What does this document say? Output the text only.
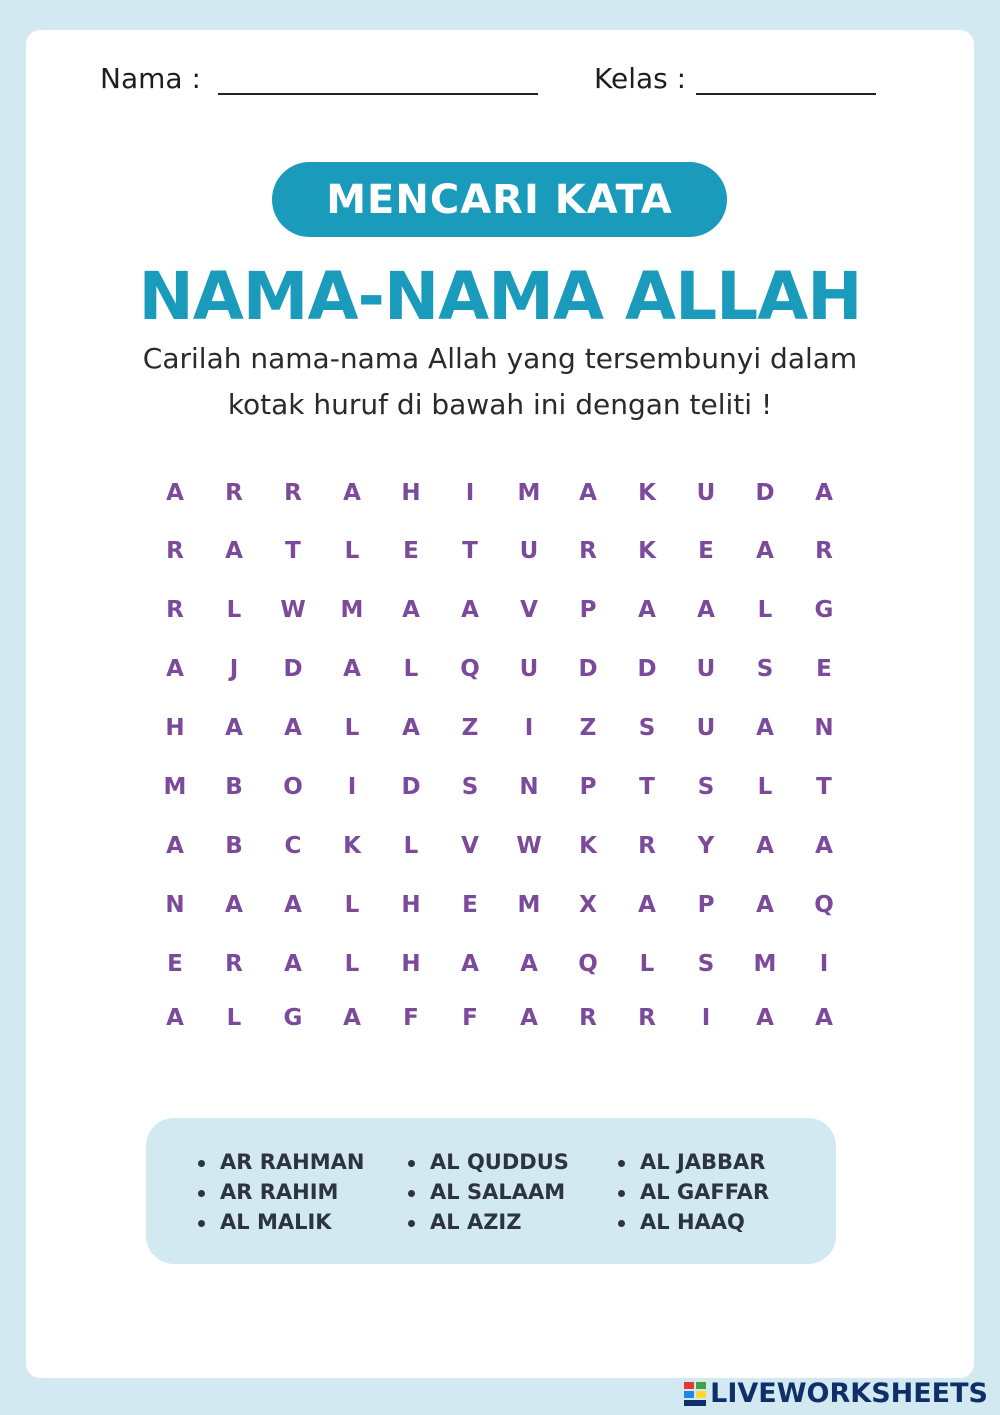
Nama :	Kelas :
MENCARI KATA
NAMA-NAMA ALLAH
Carilah nama-nama Allah yang tersembunyi dalam
kotak huruf di bawah ini dengan teliti !
A	R	R	A	H	I	M	A	K	U	D	A
R	A	T	L	E	T	U	R	K	E	A	R
R	L	W	M	A	A	V	P	A	A	L	G
A	J	D	A	L	Q	U	D	D	U	S	E
H	A	A	L	A	Z	I	Z	S	U	A	N
M	B	O	I	D	S	N	P	T	S	L	T
A	B	C	K	L	V	W	K	R	Y	A	A
N	A	A	L	H	E	M	X	A	P	A	Q
E	R	A	L	H	A	A	Q	L	S	M	I
A	L	G	A	F	F	A	R	R	I	A	A
AR RAHMAN
AR RAHIM
AL MALIK
AL QUDDUS
AL SALAAM
AL AZIZ
AL JABBAR
AL GAFFAR
AL HAAQ
LIVEWORKSHEETS
